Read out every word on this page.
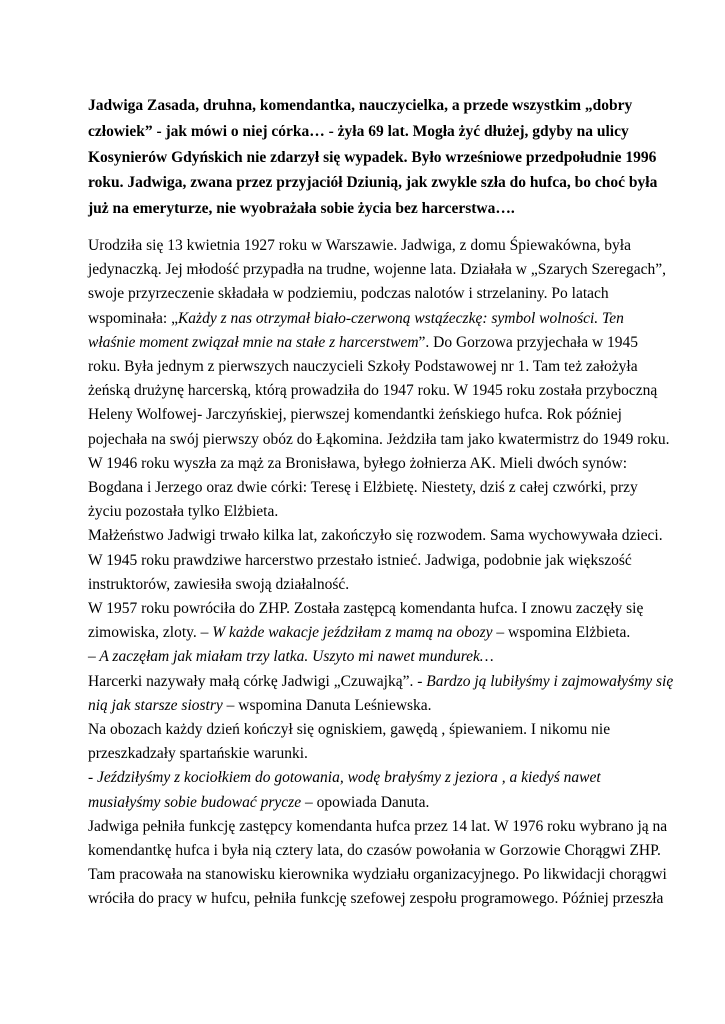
Jadwiga Zasada, druhna, komendantka, nauczycielka, a przede wszystkim „dobry
człowiek” - jak mówi o niej córka… - żyła 69 lat. Mogła żyć dłużej, gdyby na ulicy
Kosynierów Gdyńskich nie zdarzył się wypadek. Było wrześniowe przedpołudnie 1996
roku. Jadwiga, zwana przez przyjaciół Dziunią, jak zwykle szła do hufca, bo choć była
już na emeryturze, nie wyobrażała sobie życia bez harcerstwa….
Urodziła się 13 kwietnia 1927 roku w Warszawie. Jadwiga, z domu Śpiewakówna, była
jedynaczką. Jej młodość przypadła na trudne, wojenne lata. Działała w „Szarych Szeregach”,
swoje przyrzeczenie składała w podziemiu, podczas nalotów i strzelaniny. Po latach
wspominała: „Każdy z nas otrzymał biało-czerwoną wstąźeczkę: symbol wolności. Ten
właśnie moment związał mnie na stałe z harcerstwem”. Do Gorzowa przyjechała w 1945
roku. Była jednym z pierwszych nauczycieli Szkoły Podstawowej nr 1. Tam też założyła
żeńską drużynę harcerską, którą prowadziła do 1947 roku. W 1945 roku została przyboczną
Heleny Wolfowej- Jarczyńskiej, pierwszej komendantki żeńskiego hufca. Rok później
pojechała na swój pierwszy obóz do Łąkomina. Jeżdziła tam jako kwatermistrz do 1949 roku.
W 1946 roku wyszła za mąż za Bronisława, byłego żołnierza AK. Mieli dwóch synów:
Bogdana i Jerzego oraz dwie córki: Teresę i Elżbietę. Niestety, dziś z całej czwórki, przy
życiu pozostała tylko Elżbieta.
Małżeństwo Jadwigi trwało kilka lat, zakończyło się rozwodem. Sama wychowywała dzieci.
W 1945 roku prawdziwe harcerstwo przestało istnieć. Jadwiga, podobnie jak większość
instruktorów, zawiesiła swoją działalność.
W 1957 roku powróciła do ZHP. Została zastępcą komendanta hufca. I znowu zaczęły się
zimowiska, zloty. – W każde wakacje jeździłam z mamą na obozy – wspomina Elżbieta.
– A zaczęłam jak miałam trzy latka. Uszyto mi nawet mundurek…
Harcerki nazywały małą córkę Jadwigi „Czuwajką”. - Bardzo ją lubiłyśmy i zajmowałyśmy się
nią jak starsze siostry – wspomina Danuta Leśniewska.
Na obozach każdy dzień kończył się ogniskiem, gawędą , śpiewaniem. I nikomu nie
przeszkadzały spartańskie warunki.
- Jeździłyśmy z kociołkiem do gotowania, wodę brałyśmy z jeziora , a kiedyś nawet
musiałyśmy sobie budować prycze – opowiada Danuta.
Jadwiga pełniła funkcję zastępcy komendanta hufca przez 14 lat. W 1976 roku wybrano ją na
komendantkę hufca i była nią cztery lata, do czasów powołania w Gorzowie Chorągwi ZHP.
Tam pracowała na stanowisku kierownika wydziału organizacyjnego. Po likwidacji chorągwi
wróciła do pracy w hufcu, pełniła funkcję szefowej zespołu programowego. Później przeszła
